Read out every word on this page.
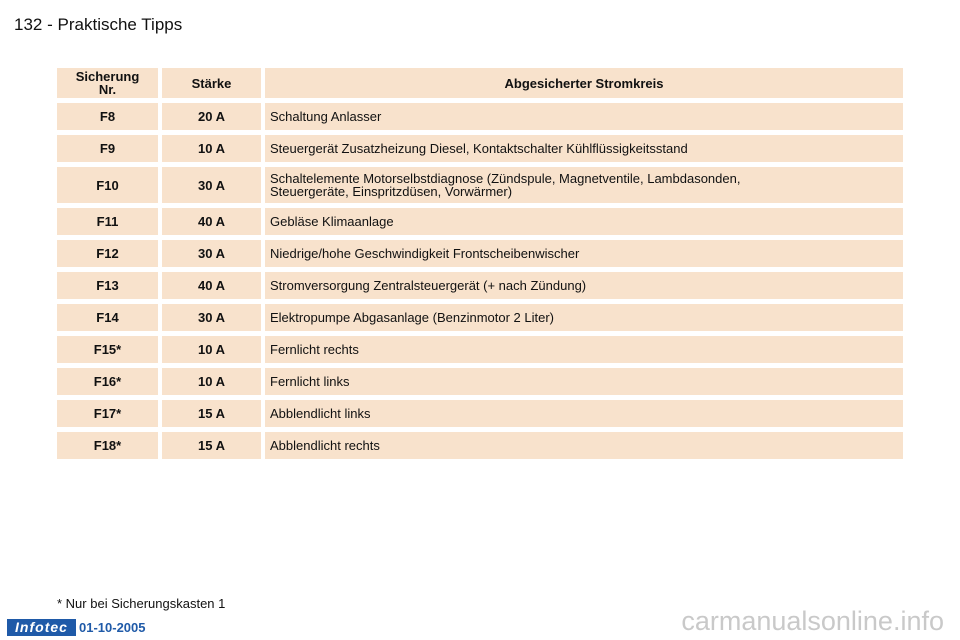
132 - Praktische Tipps
Sicherung
Nr.	Stärke	Abgesicherter Stromkreis
F8	20 A	Schaltung Anlasser
F9	10 A	Steuergerät Zusatzheizung Diesel, Kontaktschalter Kühlflüssigkeitsstand
F10	30 A	Schaltelemente Motorselbstdiagnose (Zündspule, Magnetventile, Lambdasonden,
Steuergeräte, Einspritzdüsen, Vorwärmer)
F11	40 A	Gebläse Klimaanlage
F12	30 A	Niedrige/hohe Geschwindigkeit Frontscheibenwischer
F13	40 A	Stromversorgung Zentralsteuergerät (+ nach Zündung)
F14	30 A	Elektropumpe Abgasanlage (Benzinmotor 2 Liter)
F15*	10 A	Fernlicht rechts
F16*	10 A	Fernlicht links
F17*	15 A	Abblendlicht links
F18*	15 A	Abblendlicht rechts
* Nur bei Sicherungskasten 1
Infotec 01-10-2005	carmanualsonline.info
